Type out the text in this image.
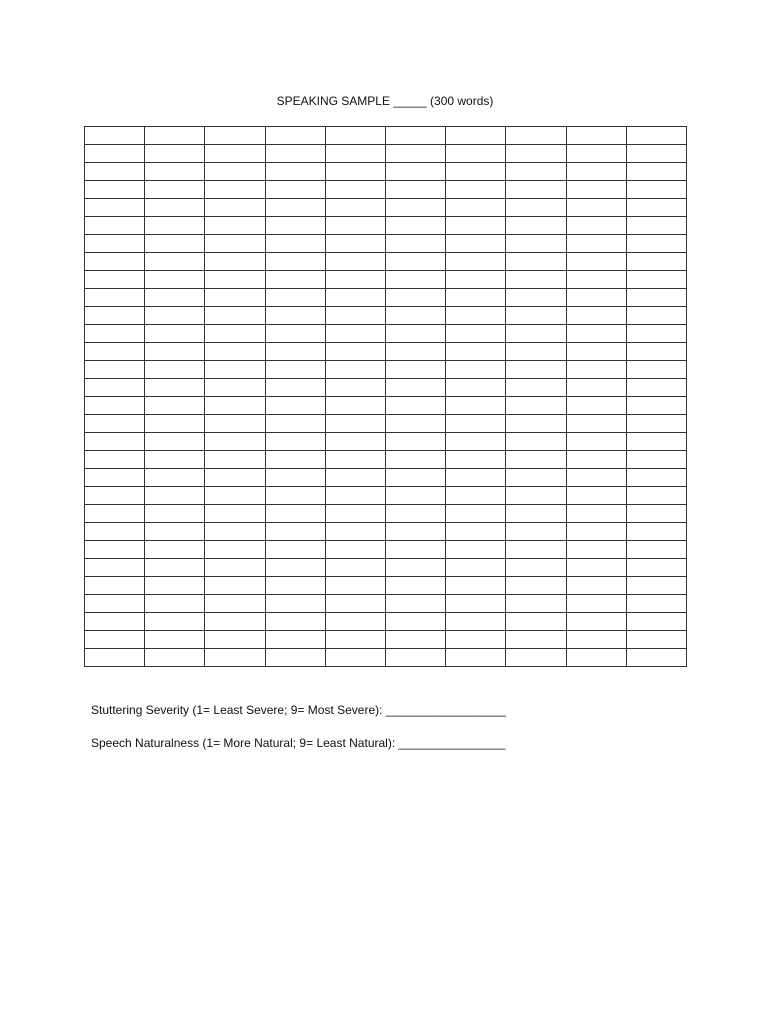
SPEAKING SAMPLE _____ (300 words)

Stuttering Severity (1= Least Severe; 9= Most Severe): __________________
Speech Naturalness (1= More Natural; 9= Least Natural): ________________
